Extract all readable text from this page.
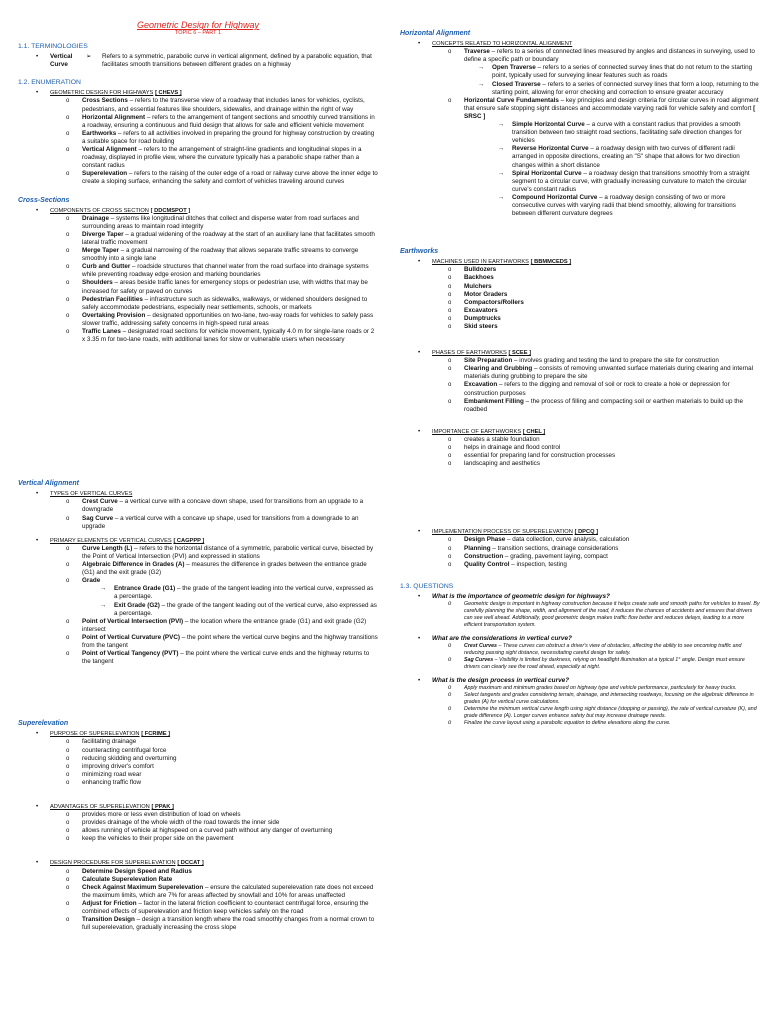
Geometric Design for Highway
TOPIC 6 – PART 1
1.1. TERMINOLOGIES
•	Vertical Curve
➢	Refers to a symmetric, parabolic curve in vertical alignment, defined by a parabolic equation, that facilitates smooth transitions between different grades on a highway
1.2. ENUMERATION
• GEOMETRIC DESIGN FOR HIGHWAYS [ CHEVS ]
o Cross Sections – refers to the transverse view of a roadway that includes lanes for vehicles, cyclists, pedestrians, and essential features like shoulders, sidewalks, and drainage within the right of way
o Horizontal Alignment – refers to the arrangement of tangent sections and smoothly curved transitions in a roadway, ensuring a continuous and fluid design that allows for safe and efficient vehicle movement
o Earthworks – refers to all activities involved in preparing the ground for highway construction by creating a suitable space for road building
o Vertical Alignment – refers to the arrangement of straight-line gradients and longitudinal slopes in a roadway, displayed in profile view, where the curvature typically has a parabolic shape rather than a constant radius
o Superelevation – refers to the raising of the outer edge of a road or railway curve above the inner edge to create a sloping surface, enhancing the safety and comfort of vehicles traveling around curves
Cross-Sections
• COMPONENTS OF CROSS SECTION [ DDCMSPOT ]
o Drainage – systems like longitudinal ditches that collect and disperse water from road surfaces and surrounding areas to maintain road integrity
o Diverge Taper – a gradual widening of the roadway at the start of an auxiliary lane that facilitates smooth lateral traffic movement
o Merge Taper – a gradual narrowing of the roadway that allows separate traffic streams to converge smoothly into a single lane
o Curb and Gutter – roadside structures that channel water from the road surface into drainage systems while preventing roadway edge erosion and marking boundaries
o Shoulders – areas beside traffic lanes for emergency stops or pedestrian use, with widths that may be increased for safety or paved on curves
o Pedestrian Facilities – infrastructure such as sidewalks, walkways, or widened shoulders designed to safely accommodate pedestrians, especially near settlements, schools, or markets
o Overtaking Provision – designated opportunities on two-lane, two-way roads for vehicles to safely pass slower traffic, addressing safety concerns in high-speed rural areas
o Traffic Lanes – designated road sections for vehicle movement, typically 4.0 m for single-lane roads or 2 x 3.35 m for two-lane roads, with additional lanes for slow or vulnerable users when necessary
Vertical Alignment
• TYPES OF VERTICAL CURVES
o Crest Curve – a vertical curve with a concave down shape, used for transitions from an upgrade to a downgrade
o Sag Curve – a vertical curve with a concave up shape, used for transitions from a downgrade to an upgrade
• PRIMARY ELEMENTS OF VERTICAL CURVES [ CAGPPP ]
o Curve Length (L) – refers to the horizontal distance of a symmetric, parabolic vertical curve, bisected by the Point of Vertical Intersection (PVI) and expressed in stations
o Algebraic Difference in Grades (A) – measures the difference in grades between the entrance grade (G1) and the exit grade (G2)
o Grade
→ Entrance Grade (G1) – the grade of the tangent leading into the vertical curve, expressed as a percentage.
→ Exit Grade (G2) – the grade of the tangent leading out of the vertical curve, also expressed as a percentage.
o Point of Vertical Intersection (PVI) – the location where the entrance grade (G1) and exit grade (G2) intersect
o Point of Vertical Curvature (PVC) – the point where the vertical curve begins and the highway transitions from the tangent
o Point of Vertical Tangency (PVT) – the point where the vertical curve ends and the highway returns to the tangent
Superelevation
• PURPOSE OF SUPERELEVATION [ FCRIME ]
o facilitating drainage
o counteracting centrifugal force
o reducing skidding and overturning
o improving driver's comfort
o minimizing road wear
o enhancing traffic flow
• ADVANTAGES OF SUPERELEVATION [ PPAK ]
o provides more or less even distribution of load on wheels
o provides drainage of the whole width of the road towards the inner side
o allows running of vehicle at highspeed on a curved path without any danger of overturning
o keep the vehicles to their proper side on the pavement
• DESIGN PROCEDURE FOR SUPERELEVATION [ DCCAT ]
o Determine Design Speed and Radius
o Calculate Superelevation Rate
o Check Against Maximum Superelevation – ensure the calculated superelevation rate does not exceed the maximum limits, which are 7% for areas affected by snowfall and 10% for areas unaffected
o Adjust for Friction – factor in the lateral friction coefficient to counteract centrifugal force, ensuring the combined effects of superelevation and friction keep vehicles safely on the road
o Transition Design – design a transition length where the road smoothly changes from a normal crown to full superelevation, gradually increasing the cross slope
Horizontal Alignment
• CONCEPTS RELATED TO HORIZONTAL ALIGNMENT
o Traverse – refers to a series of connected lines measured by angles and distances in surveying, used to define a specific path or boundary
→ Open Traverse – refers to a series of connected survey lines that do not return to the starting point, typically used for surveying linear features such as roads
→ Closed Traverse – refers to a series of connected survey lines that form a loop, returning to the starting point, allowing for error checking and correction to ensure greater accuracy
o Horizontal Curve Fundamentals – key principles and design criteria for circular curves in road alignment that ensure safe stopping sight distances and accommodate varying radii for vehicle safety and comfort [ SRSC ]
→ Simple Horizontal Curve – a curve with a constant radius that provides a smooth transition between two straight road sections, facilitating safe direction changes for vehicles
→ Reverse Horizontal Curve – a roadway design with two curves of different radii arranged in opposite directions, creating an "S" shape that allows for two direction changes within a short distance
→ Spiral Horizontal Curve – a roadway design that transitions smoothly from a straight segment to a circular curve, with gradually increasing curvature to match the circular curve's constant radius
→ Compound Horizontal Curve – a roadway design consisting of two or more consecutive curves with varying radii that blend smoothly, allowing for transitions between different curvature degrees
Earthworks
• MACHINES USED IN EARTHWORKS [ BBMMCEDS ]
o Bulldozers
o Backhoes
o Mulchers
o Motor Graders
o Compactors/Rollers
o Excavators
o Dumptrucks
o Skid steers
• PHASES OF EARTHWORKS [ SCEE ]
o Site Preparation – involves grading and testing the land to prepare the site for construction
o Clearing and Grubbing – consists of removing unwanted surface materials during clearing and internal materials during grubbing to prepare the site
o Excavation – refers to the digging and removal of soil or rock to create a hole or depression for construction purposes
o Embankment Filling – the process of filling and compacting soil or earthen materials to build up the roadbed
• IMPORTANCE OF EARTHWORKS [ CHEL ]
o creates a stable foundation
o helps in drainage and flood control
o essential for preparing land for construction processes
o landscaping and aesthetics
• IMPLEMENTATION PROCESS OF SUPERELEVATION [ DPCQ ]
o Design Phase – data collection, curve analysis, calculation
o Planning – transition sections, drainage considerations
o Construction – grading, pavement laying, compact
o Quality Control – inspection, testing
1.3. QUESTIONS
• What is the importance of geometric design for highways?
o Geometric design is important in highway construction because it helps create safe and smooth paths for vehicles to travel. By carefully planning the shape, width, and alignment of the road, it reduces the chances of accidents and ensures that drivers can see well ahead. Additionally, good geometric design makes traffic flow better and reduces delays, leading to a more efficient transportation system.
• What are the considerations in vertical curve?
o Crest Curves – These curves can obstruct a driver's view of obstacles, affecting the ability to see oncoming traffic and reducing passing sight distance, necessitating careful design for safety.
o Sag Curves – Visibility is limited by darkness, relying on headlight illumination at a typical 1° angle. Design must ensure drivers can clearly see the road ahead, especially at night.
• What is the design process in vertical curve?
o Apply maximum and minimum grades based on highway type and vehicle performance, particularly for heavy trucks.
o Select tangents and grades considering terrain, drainage, and intersecting roadways, focusing on the algebraic difference in grades (A) for vertical curve calculations.
o Determine the minimum vertical curve length using sight distance (stopping or passing), the rate of vertical curvature (K), and grade difference (A). Longer curves enhance safety but may increase drainage needs.
o Finalize the curve layout using a parabolic equation to define elevations along the curve.
